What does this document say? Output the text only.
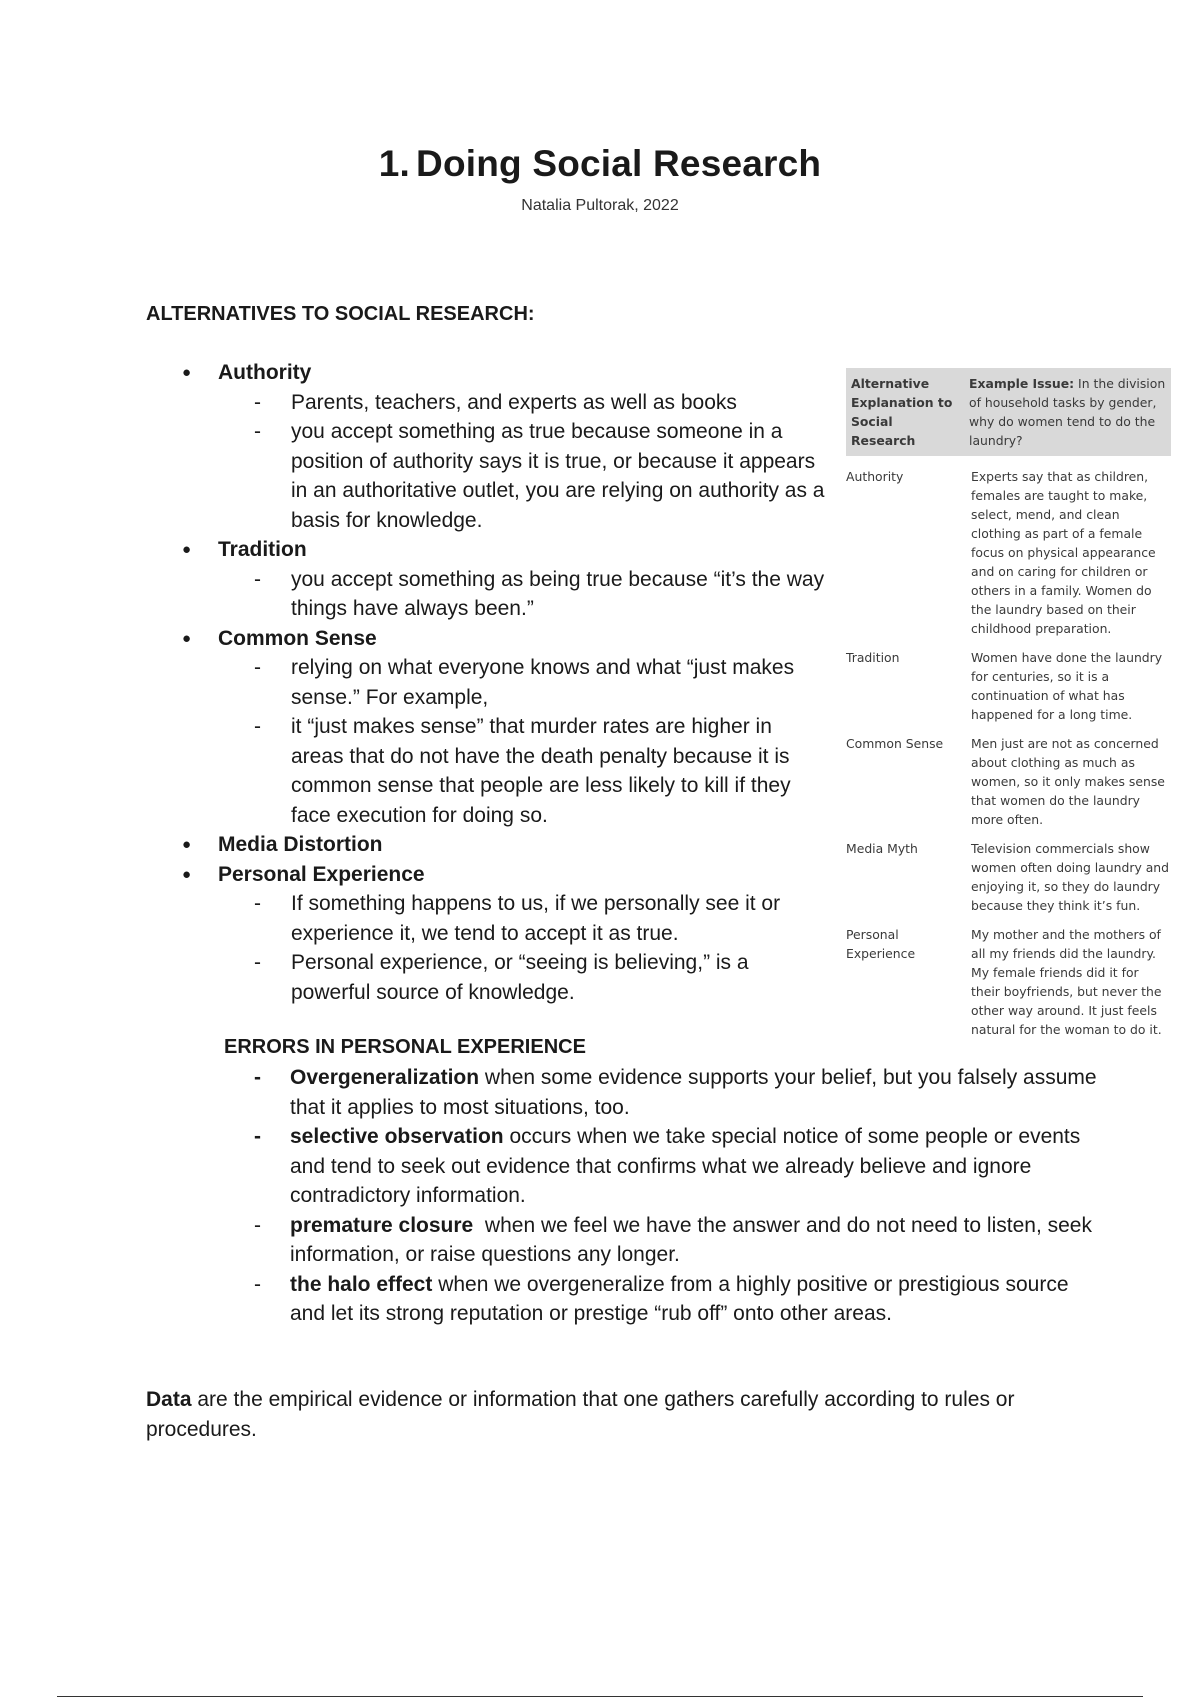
1. Doing Social Research
Natalia Pultorak, 2022
ALTERNATIVES TO SOCIAL RESEARCH:
● Authority
- Parents, teachers, and experts as well as books
- you accept something as true because someone in a position of authority says it is true, or because it appears in an authoritative outlet, you are relying on authority as a basis for knowledge.
● Tradition
- you accept something as being true because “it’s the way things have always been.”
● Common Sense
- relying on what everyone knows and what “just makes sense.” For example,
- it “just makes sense” that murder rates are higher in areas that do not have the death penalty because it is common sense that people are less likely to kill if they face execution for doing so.
● Media Distortion
● Personal Experience
- If something happens to us, if we personally see it or experience it, we tend to accept it as true.
- Personal experience, or “seeing is believing,” is a powerful source of knowledge.
Alternative Explanation to Social Research	Example Issue: In the division of household tasks by gender, why do women tend to do the laundry?
Authority	Experts say that as children, females are taught to make, select, mend, and clean clothing as part of a female focus on physical appearance and on caring for children or others in a family. Women do the laundry based on their childhood preparation.
Tradition	Women have done the laundry for centuries, so it is a continuation of what has happened for a long time.
Common Sense	Men just are not as concerned about clothing as much as women, so it only makes sense that women do the laundry more often.
Media Myth	Television commercials show women often doing laundry and enjoying it, so they do laundry because they think it’s fun.
Personal Experience	My mother and the mothers of all my friends did the laundry. My female friends did it for their boyfriends, but never the other way around. It just feels natural for the woman to do it.
ERRORS IN PERSONAL EXPERIENCE
- Overgeneralization when some evidence supports your belief, but you falsely assume that it applies to most situations, too.
- selective observation occurs when we take special notice of some people or events and tend to seek out evidence that confirms what we already believe and ignore contradictory information.
- premature closure  when we feel we have the answer and do not need to listen, seek information, or raise questions any longer.
- the halo effect when we overgeneralize from a highly positive or prestigious source and let its strong reputation or prestige “rub off” onto other areas.

Data are the empirical evidence or information that one gathers carefully according to rules or procedures.
